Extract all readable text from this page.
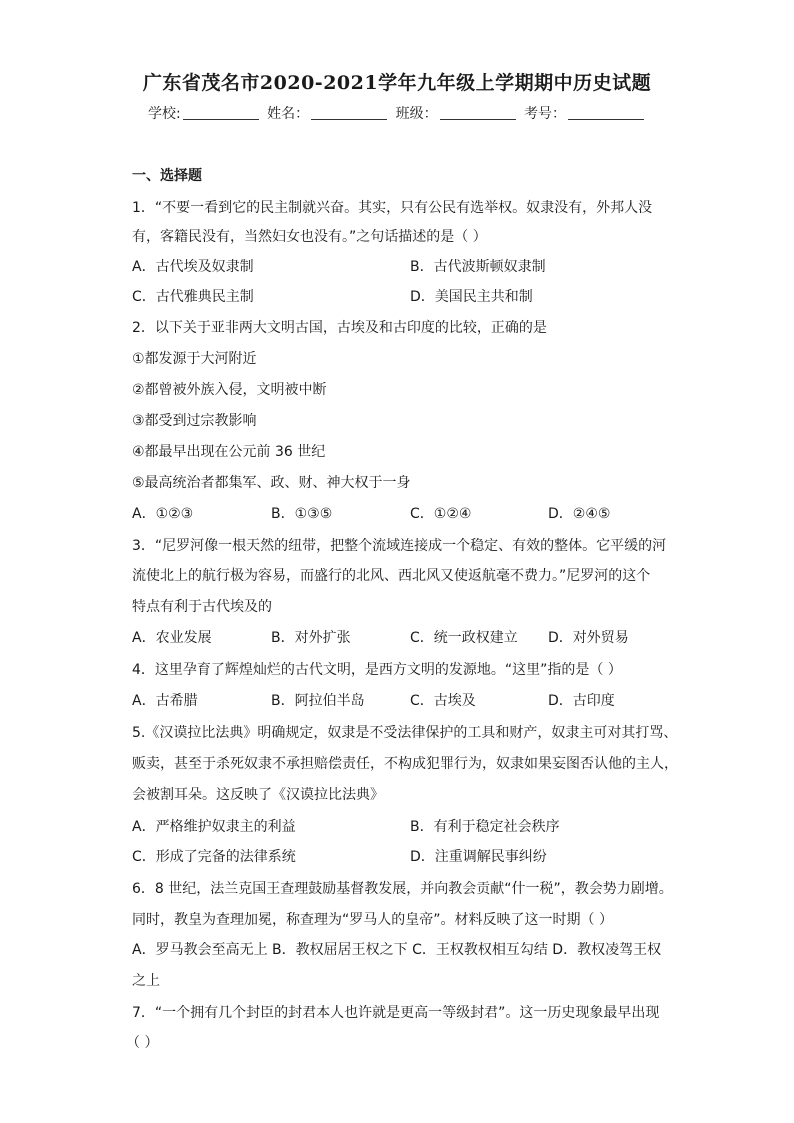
广东省茂名市2020-2021学年九年级上学期期中历史试题
学校:	姓名：	班级：	考号：
一、选择题
1．“不要一看到它的民主制就兴奋。其实，只有公民有选举权。奴隶没有，外邦人没
有，客籍民没有，当然妇女也没有。”之句话描述的是（ ）
A．古代埃及奴隶制	B．古代波斯顿奴隶制
C．古代雅典民主制	D．美国民主共和制
2．以下关于亚非两大文明古国，古埃及和古印度的比较，正确的是
①都发源于大河附近
②都曾被外族入侵，文明被中断
③都受到过宗教影响
④都最早出现在公元前 36 世纪
⑤最高统治者都集军、政、财、神大权于一身
A．①②③	B．①③⑤	C．①②④	D．②④⑤
3．“尼罗河像一根天然的纽带，把整个流域连接成一个稳定、有效的整体。它平缓的河
流使北上的航行极为容易，而盛行的北风、西北风又使返航毫不费力。”尼罗河的这个
特点有利于古代埃及的
A．农业发展	B．对外扩张	C．统一政权建立 D．对外贸易
4．这里孕育了辉煌灿烂的古代文明，是西方文明的发源地。“这里”指的是（ ）
A．古希腊	B．阿拉伯半岛	C．古埃及	D．古印度
5.《汉谟拉比法典》明确规定，奴隶是不受法律保护的工具和财产，奴隶主可对其打骂、
贩卖，甚至于杀死奴隶不承担赔偿责任，不构成犯罪行为，奴隶如果妄图否认他的主人，
会被割耳朵。这反映了《汉谟拉比法典》
A．严格维护奴隶主的利益	B．有利于稳定社会秩序
C．形成了完备的法律系统	D．注重调解民事纠纷
6．8 世纪，法兰克国王查理鼓励基督教发展，并向教会贡献“什一税”，教会势力剧增。
同时，教皇为查理加冕，称查理为“罗马人的皇帝”。材料反映了这一时期（ ）
A．罗马教会至高无上 B．教权屈居王权之下 C．王权教权相互勾结 D．教权凌驾王权
之上
7．“一个拥有几个封臣的封君本人也许就是更高一等级封君”。这一历史现象最早出现
（ ）
